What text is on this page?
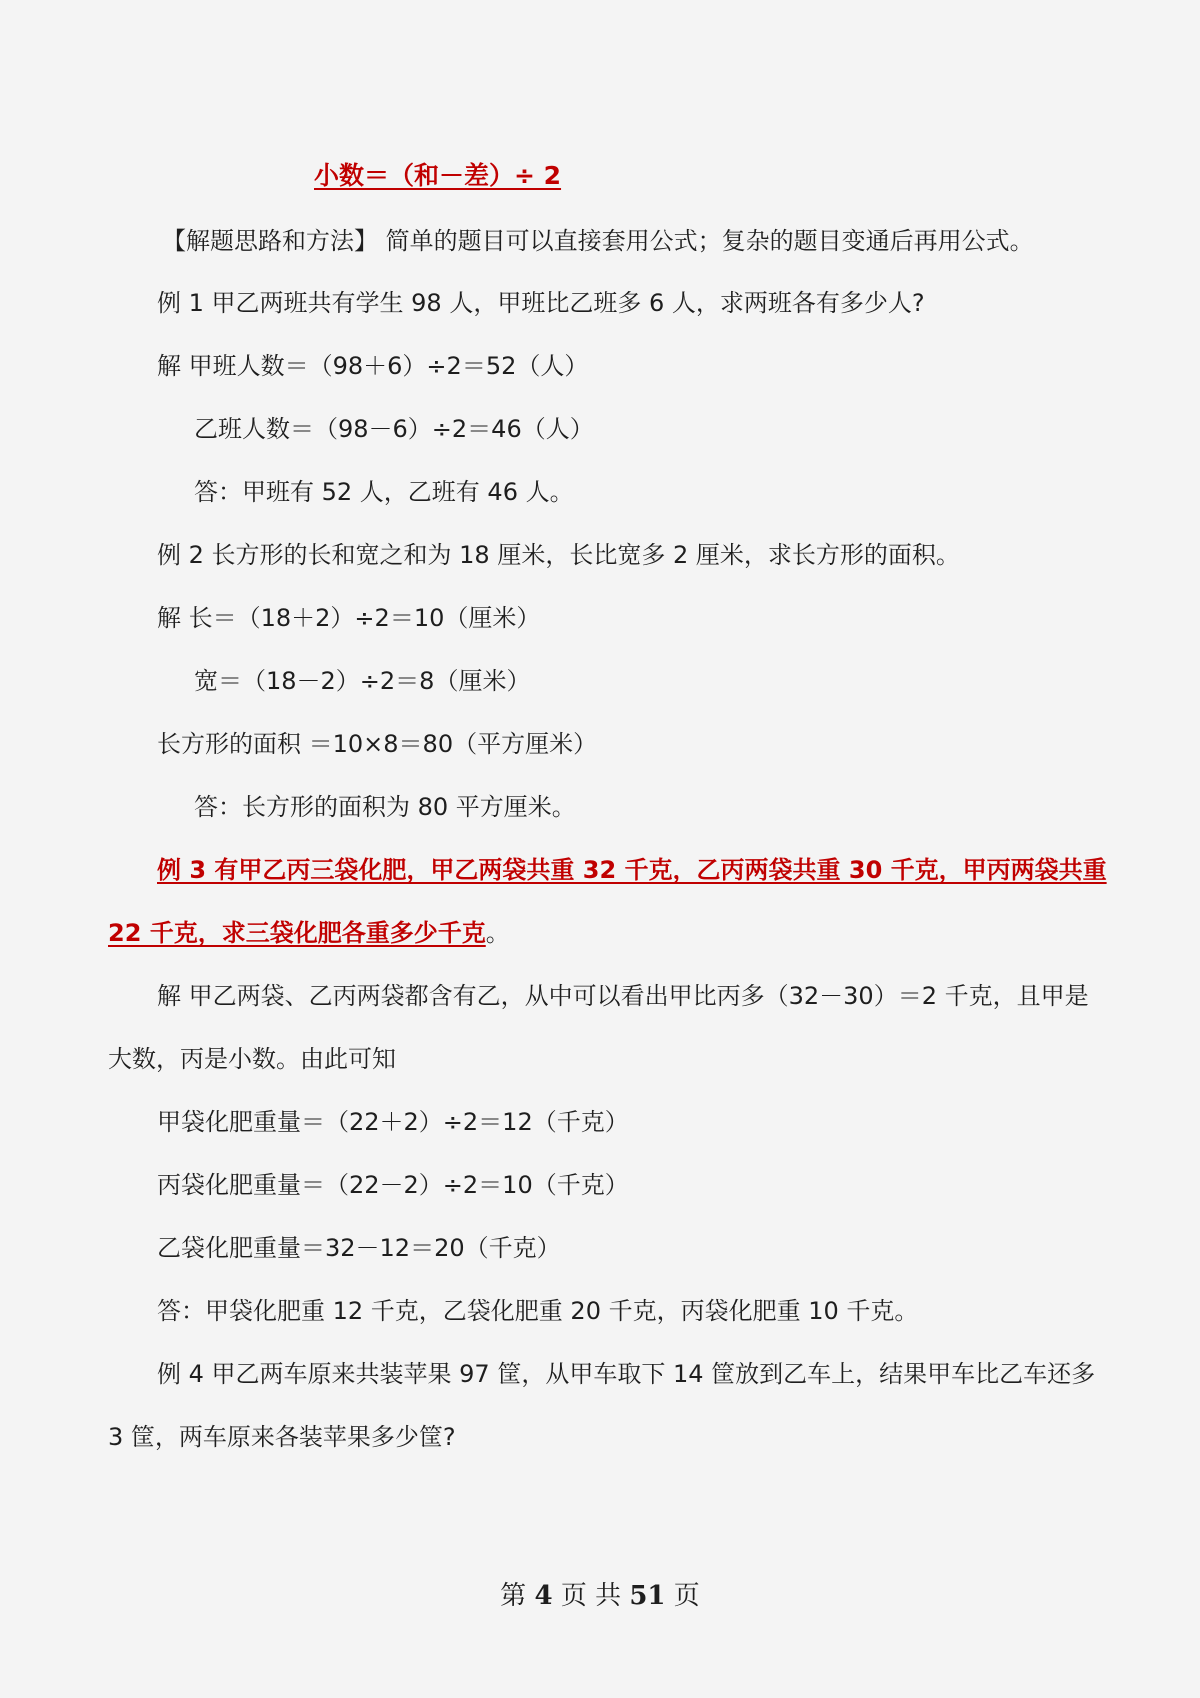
小数＝（和－差）÷ 2
【解题思路和方法】 简单的题目可以直接套用公式；复杂的题目变通后再用公式。
例 1 甲乙两班共有学生 98 人，甲班比乙班多 6 人，求两班各有多少人?
解 甲班人数＝（98＋6）÷2＝52（人）
乙班人数＝（98－6）÷2＝46（人）
答：甲班有 52 人，乙班有 46 人。
例 2 长方形的长和宽之和为 18 厘米，长比宽多 2 厘米，求长方形的面积。
解 长＝（18＋2）÷2＝10（厘米）
宽＝（18－2）÷2＝8（厘米）
长方形的面积 ＝10×8＝80（平方厘米）
答：长方形的面积为 80 平方厘米。
例 3 有甲乙丙三袋化肥，甲乙两袋共重 32 千克，乙丙两袋共重 30 千克，甲丙两袋共重
22 千克，求三袋化肥各重多少千克。
解 甲乙两袋、乙丙两袋都含有乙，从中可以看出甲比丙多（32－30）＝2 千克，且甲是
大数，丙是小数。由此可知
甲袋化肥重量＝（22＋2）÷2＝12（千克）
丙袋化肥重量＝（22－2）÷2＝10（千克）
乙袋化肥重量＝32－12＝20（千克）
答：甲袋化肥重 12 千克，乙袋化肥重 20 千克，丙袋化肥重 10 千克。
例 4 甲乙两车原来共装苹果 97 筐，从甲车取下 14 筐放到乙车上，结果甲车比乙车还多
3 筐，两车原来各装苹果多少筐?
第 4 页 共 51 页
